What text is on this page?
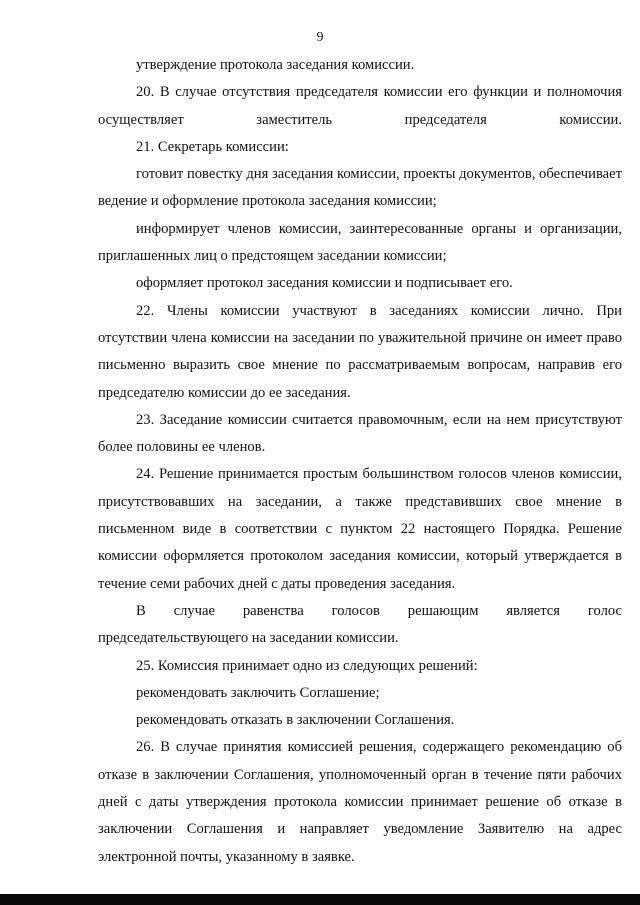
9

утверждение протокола заседания комиссии.

20. В случае отсутствия председателя комиссии его функции и полномочия осуществляет заместитель председателя комиссии.

21. Секретарь комиссии:

готовит повестку дня заседания комиссии, проекты документов, обеспечивает ведение и оформление протокола заседания комиссии;

информирует членов комиссии, заинтересованные органы и организации, приглашенных лиц о предстоящем заседании комиссии;

оформляет протокол заседания комиссии и подписывает его.

22. Члены комиссии участвуют в заседаниях комиссии лично. При отсутствии члена комиссии на заседании по уважительной причине он имеет право письменно выразить свое мнение по рассматриваемым вопросам, направив его председателю комиссии до ее заседания.

23. Заседание комиссии считается правомочным, если на нем присутствуют более половины ее членов.

24. Решение принимается простым большинством голосов членов комиссии, присутствовавших на заседании, а также представивших свое мнение в письменном виде в соответствии с пунктом 22 настоящего Порядка. Решение комиссии оформляется протоколом заседания комиссии, который утверждается в течение семи рабочих дней с даты проведения заседания.

В случае равенства голосов решающим является голос председательствующего на заседании комиссии.

25. Комиссия принимает одно из следующих решений:

рекомендовать заключить Соглашение;

рекомендовать отказать в заключении Соглашения.

26. В случае принятия комиссией решения, содержащего рекомендацию об отказе в заключении Соглашения, уполномоченный орган в течение пяти рабочих дней с даты утверждения протокола комиссии принимает решение об отказе в заключении Соглашения и направляет уведомление Заявителю на адрес электронной почты, указанному в заявке.
